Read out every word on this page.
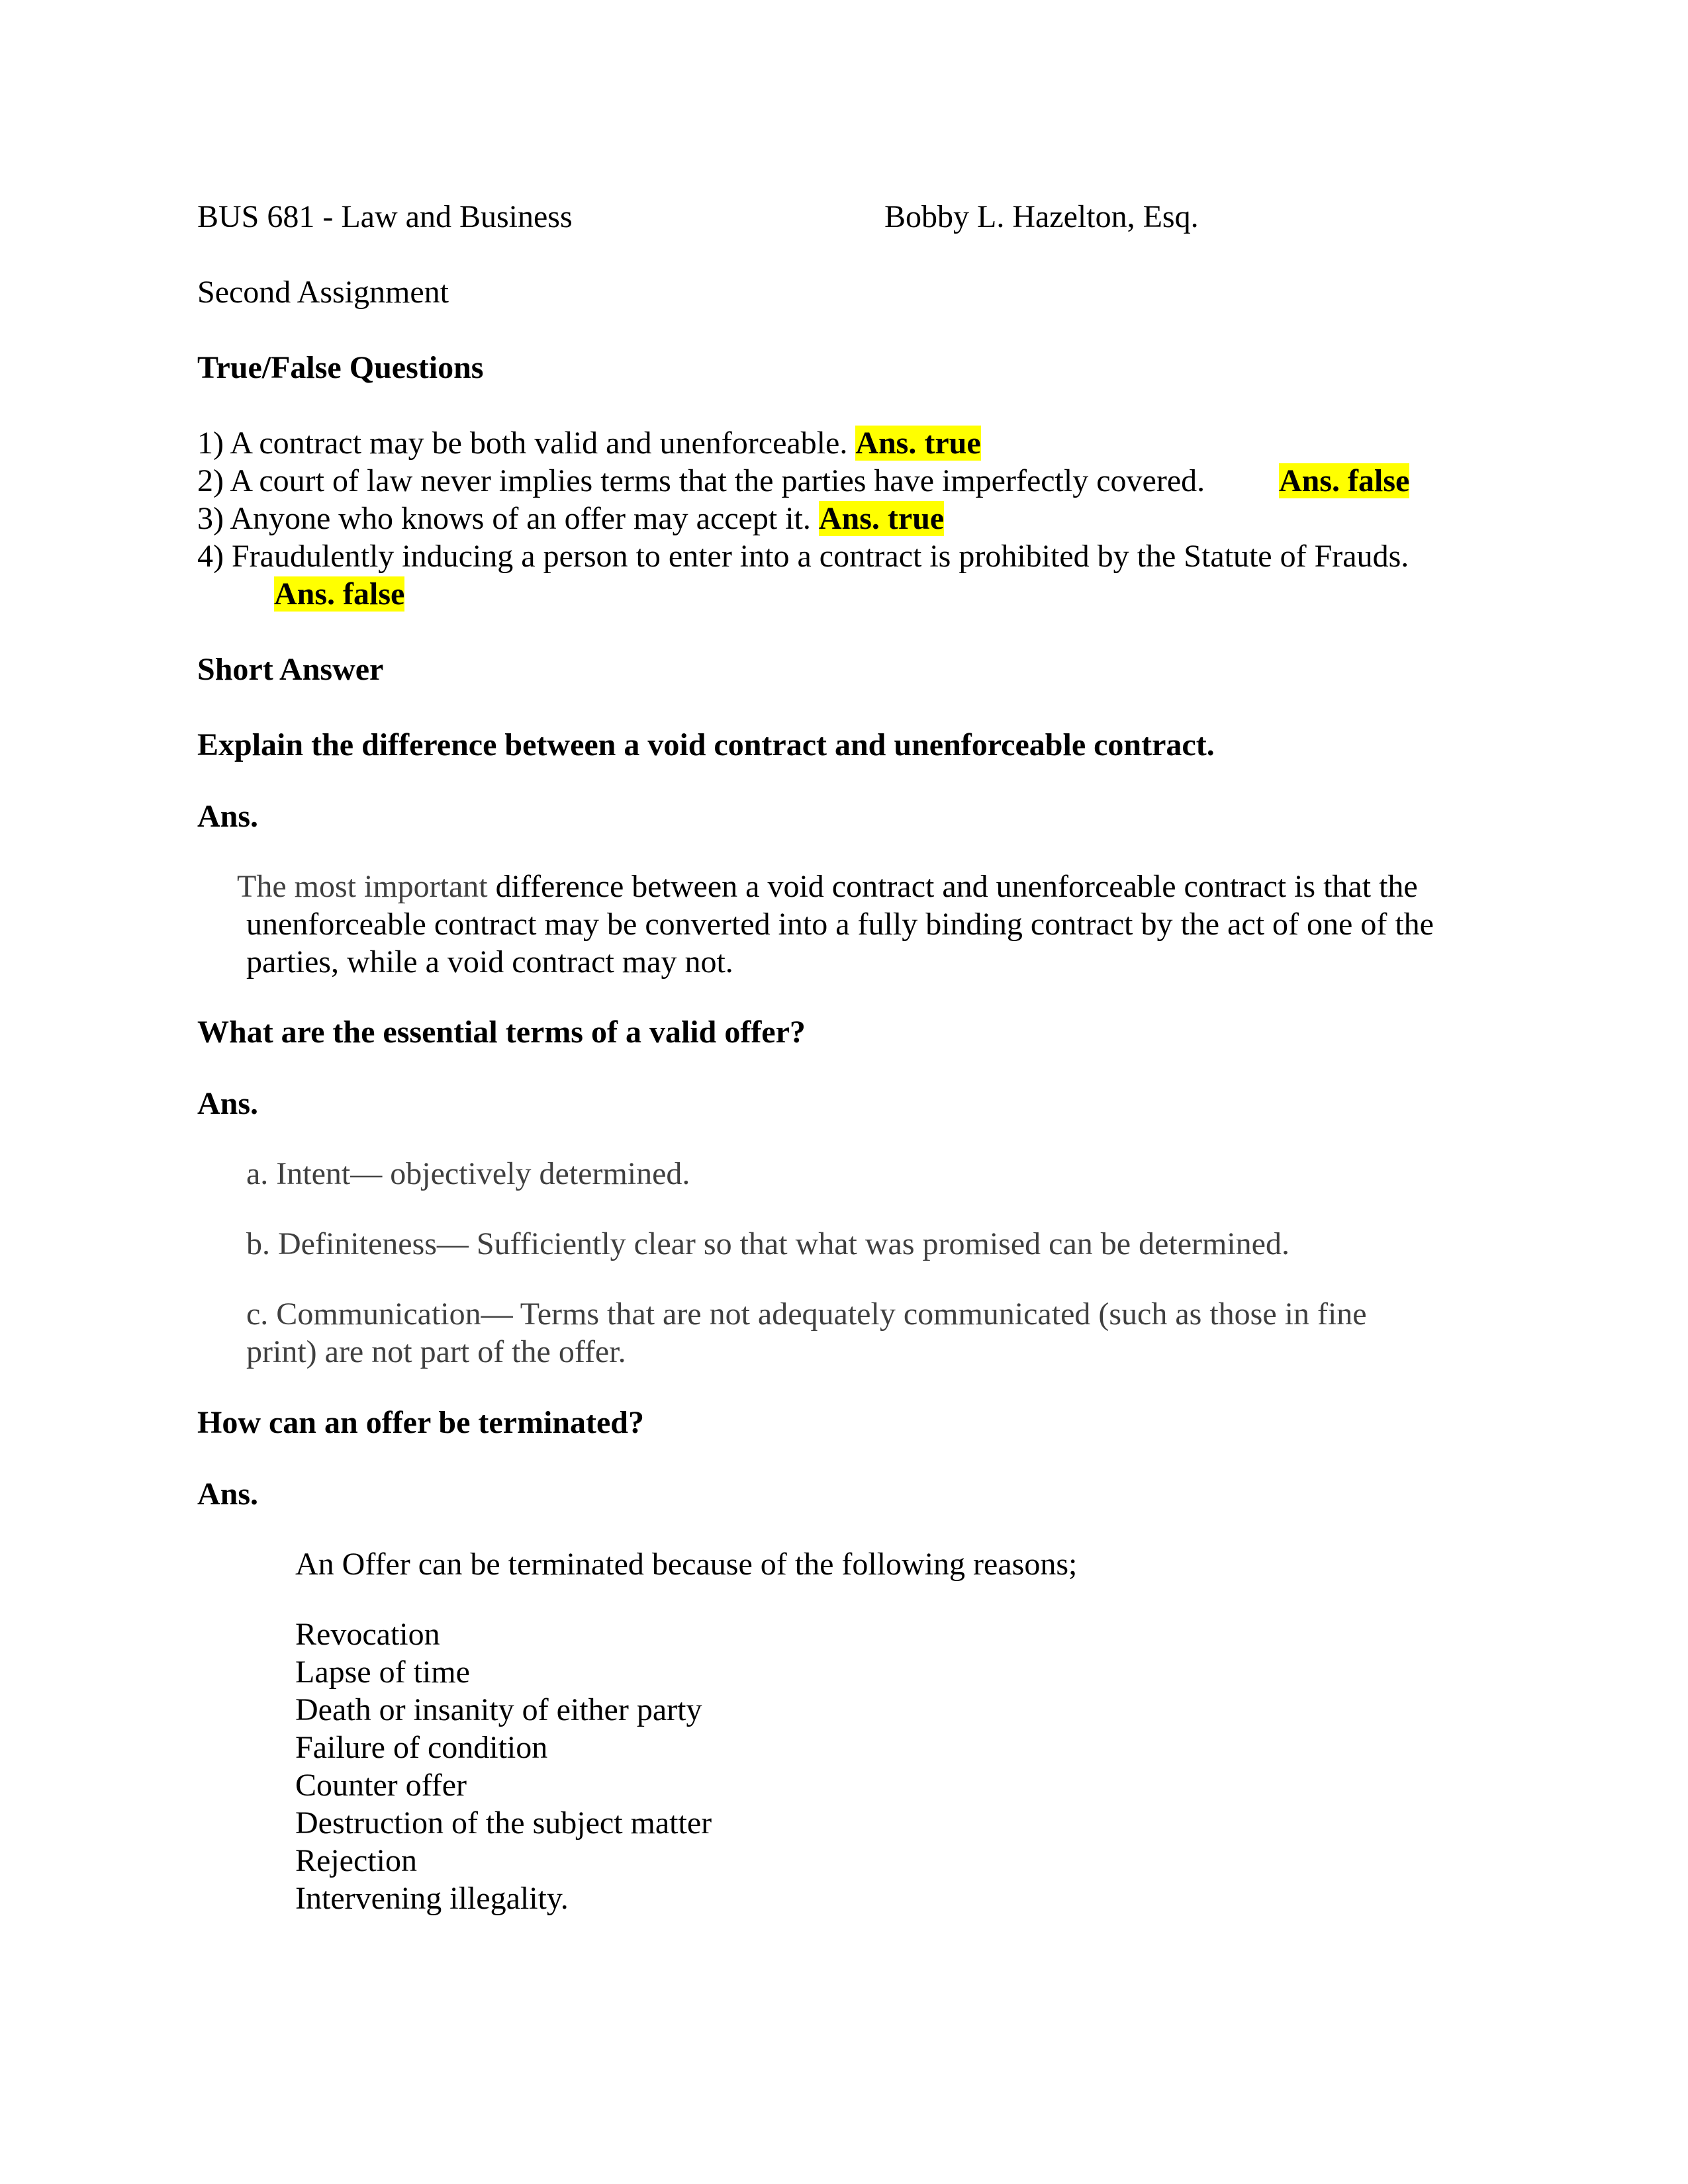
BUS 681 - Law and Business	Bobby L. Hazelton, Esq.
Second Assignment
True/False Questions
1) A contract may be both valid and unenforceable. Ans. true
2) A court of law never implies terms that the parties have imperfectly covered. Ans. false
3) Anyone who knows of an offer may accept it. Ans. true
4) Fraudulently inducing a person to enter into a contract is prohibited by the Statute of Frauds.
Ans. false
Short Answer
Explain the difference between a void contract and unenforceable contract.
Ans.
The most important difference between a void contract and unenforceable contract is that the
unenforceable contract may be converted into a fully binding contract by the act of one of the
parties, while a void contract may not.
What are the essential terms of a valid offer?
Ans.
a. Intent— objectively determined.
b. Definiteness— Sufficiently clear so that what was promised can be determined.
c. Communication— Terms that are not adequately communicated (such as those in fine
print) are not part of the offer.
How can an offer be terminated?
Ans.
An Offer can be terminated because of the following reasons;
Revocation
Lapse of time
Death or insanity of either party
Failure of condition
Counter offer
Destruction of the subject matter
Rejection
Intervening illegality.
